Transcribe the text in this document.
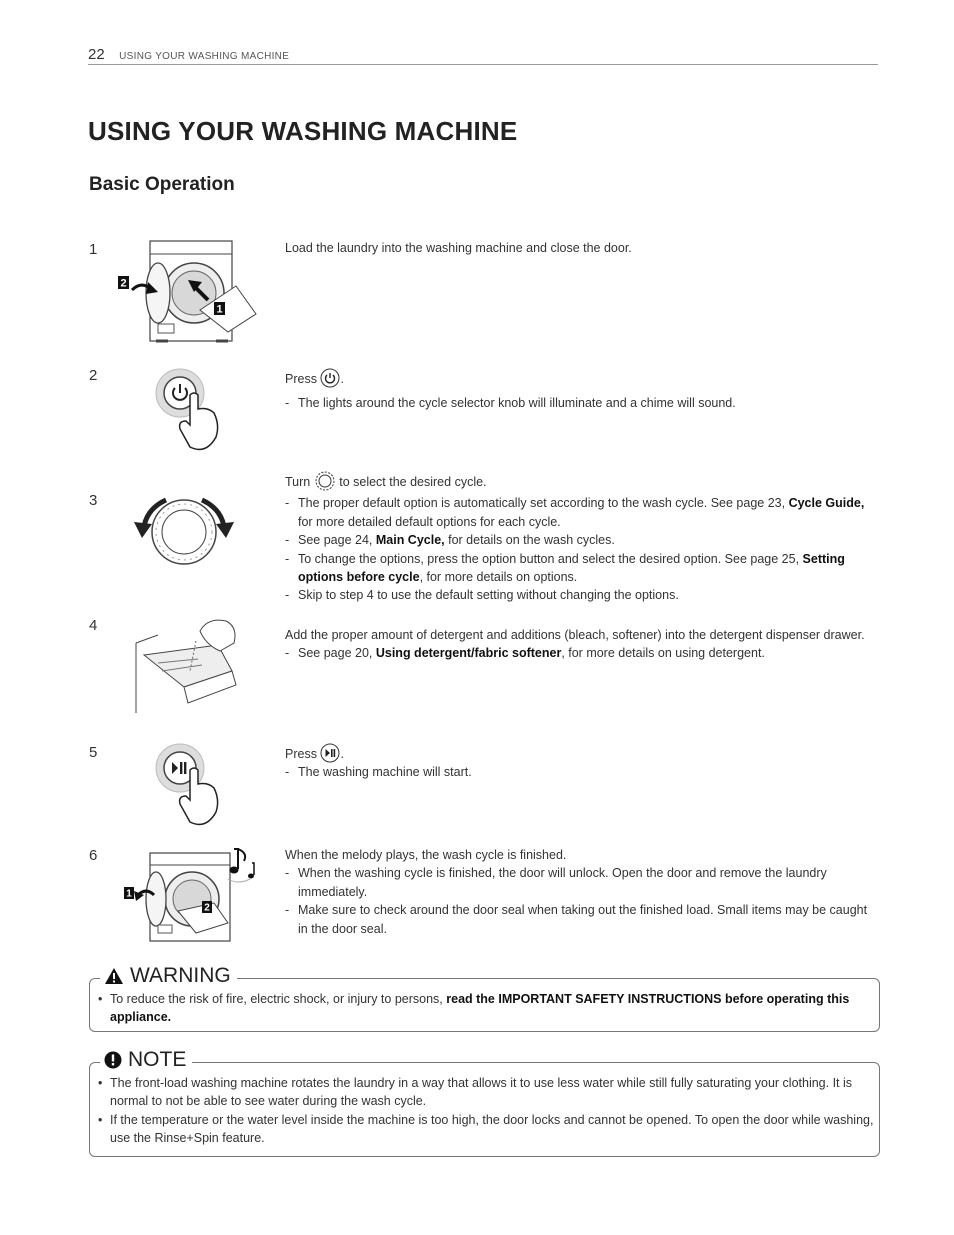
22 USING YOUR WASHING MACHINE
USING YOUR WASHING MACHINE
Basic Operation
1
2
1

Load the laundry into the washing machine and close the door.

2	Press .

- The lights around the cycle selector knob will illuminate and a chime will sound.

3

Turn to select the desired cycle.

- The proper default option is automatically set according to the wash cycle. See page 23, Cycle Guide, for more detailed default options for each cycle.

- See page 24, Main Cycle, for details on the wash cycles.

- To change the options, press the option button and select the desired option. See page 25, Setting options before cycle, for more details on options.

- Skip to step 4 to use the default setting without changing the options.

4

Add the proper amount of detergent and additions (bleach, softener) into the detergent dispenser drawer.

- See page 20, Using detergent/fabric softener, for more details on using detergent.

5	Press .

- The washing machine will start.

6
1
2

When the melody plays, the wash cycle is finished.

- When the washing cycle is finished, the door will unlock. Open the door and remove the laundry immediately.

- Make sure to check around the door seal when taking out the finished load. Small items may be caught in the door seal.

WARNING
• To reduce the risk of fire, electric shock, or injury to persons, read the IMPORTANT SAFETY INSTRUCTIONS before operating this appliance.
NOTE
• The front-load washing machine rotates the laundry in a way that allows it to use less water while still fully saturating your clothing. It is normal to not be able to see water during the wash cycle.
• If the temperature or the water level inside the machine is too high, the door locks and cannot be opened. To open the door while washing, use the Rinse+Spin feature.
